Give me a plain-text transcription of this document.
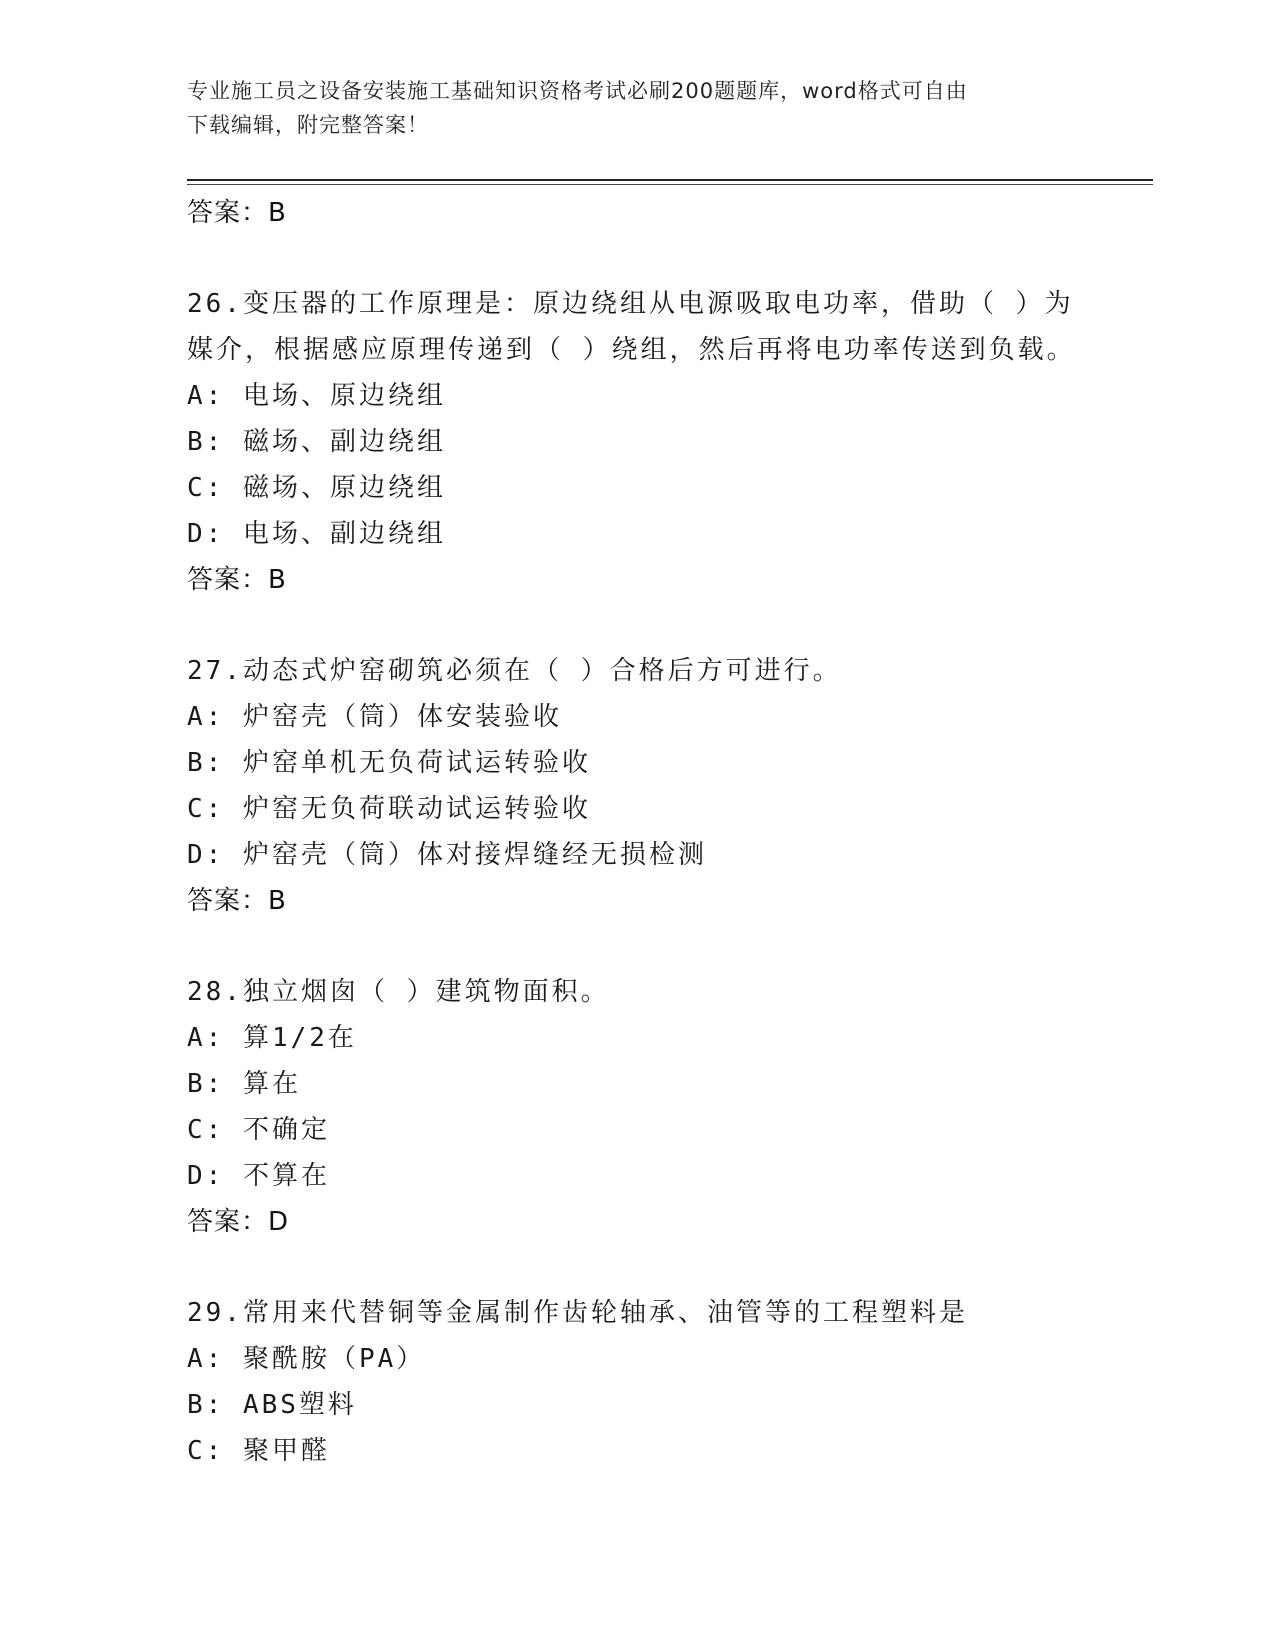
专业施工员之设备安装施工基础知识资格考试必刷200题题库，word格式可自由
下载编辑，附完整答案！
答案：B
26.变压器的工作原理是：原边绕组从电源吸取电功率，借助（ ）为
媒介，根据感应原理传递到（ ）绕组，然后再将电功率传送到负载。
A: 电场、原边绕组
B: 磁场、副边绕组
C: 磁场、原边绕组
D: 电场、副边绕组
答案：B
27.动态式炉窑砌筑必须在（ ）合格后方可进行。
A: 炉窑壳（筒）体安装验收
B: 炉窑单机无负荷试运转验收
C: 炉窑无负荷联动试运转验收
D: 炉窑壳（筒）体对接焊缝经无损检测
答案：B
28.独立烟囱（ ）建筑物面积。
A: 算1/2在
B: 算在
C: 不确定
D: 不算在
答案：D
29.常用来代替铜等金属制作齿轮轴承、油管等的工程塑料是
A: 聚酰胺（PA）
B: ABS塑料
C: 聚甲醛
